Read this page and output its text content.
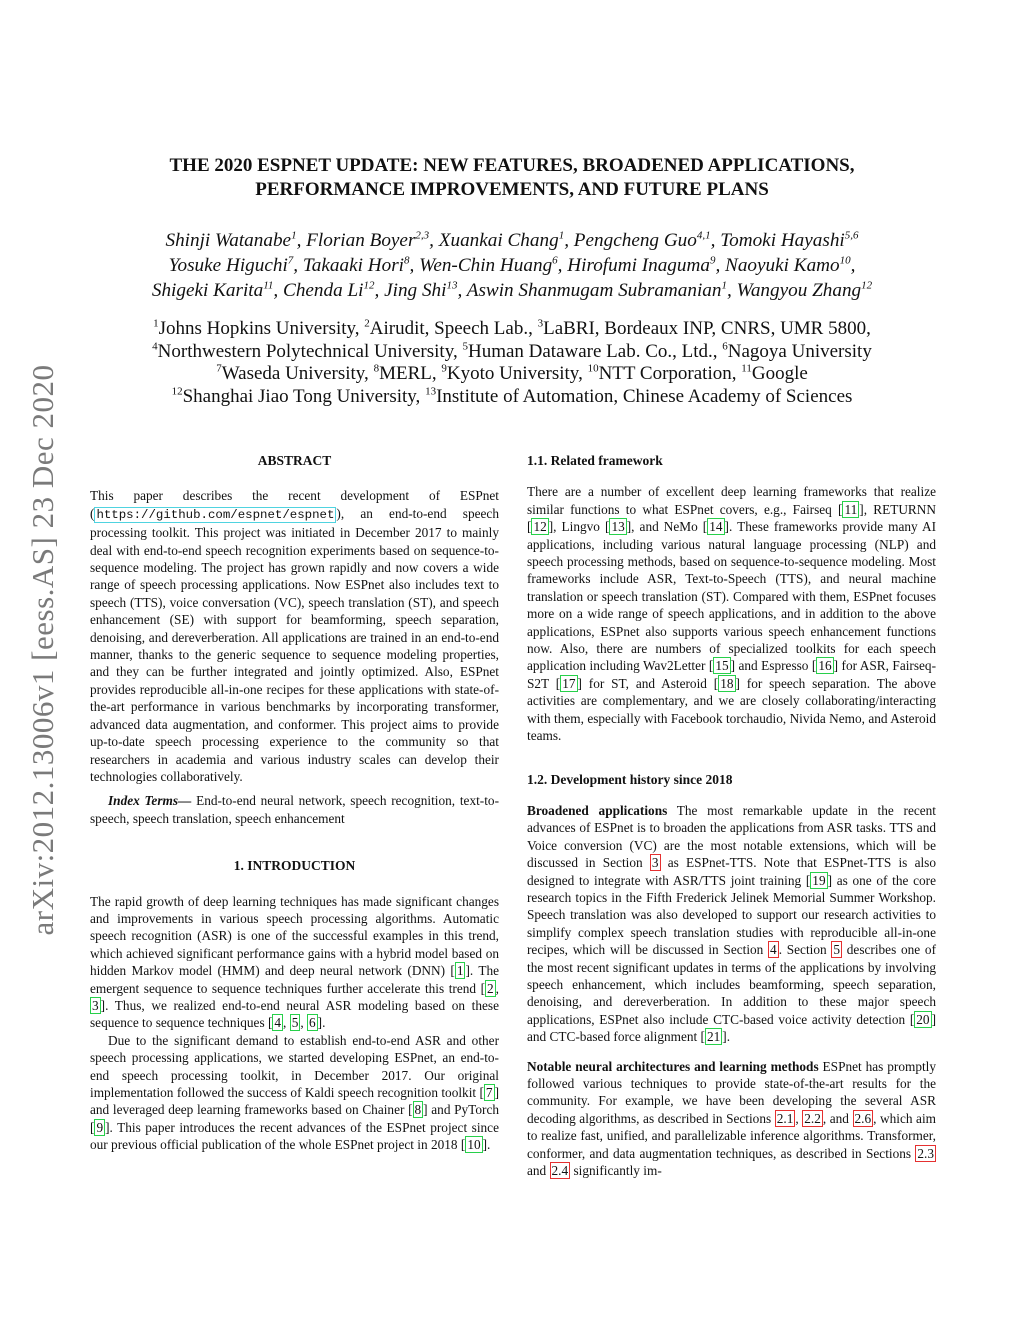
arXiv:2012.13006v1 [eess.AS] 23 Dec 2020
THE 2020 ESPNET UPDATE: NEW FEATURES, BROADENED APPLICATIONS,
PERFORMANCE IMPROVEMENTS, AND FUTURE PLANS
Shinji Watanabe$^1$, Florian Boyer$^{2,3}$, Xuankai Chang$^1$, Pengcheng Guo$^{4,1}$, Tomoki Hayashi$^{5,6}$
Yosuke Higuchi$^7$, Takaaki Hori$^8$, Wen-Chin Huang$^6$, Hirofumi Inaguma$^9$, Naoyuki Kamo$^{10}$,
Shigeki Karita$^{11}$, Chenda Li$^{12}$, Jing Shi$^{13}$, Aswin Shanmugam Subramanian$^1$, Wangyou Zhang$^{12}$
$^1$Johns Hopkins University, $^2$Airudit, Speech Lab., $^3$LaBRI, Bordeaux INP, CNRS, UMR 5800,
$^4$Northwestern Polytechnical University, $^5$Human Dataware Lab. Co., Ltd., $^6$Nagoya University
$^7$Waseda University, $^8$MERL, $^9$Kyoto University, $^{10}$NTT Corporation, $^{11}$Google
$^{12}$Shanghai Jiao Tong University, $^{13}$Institute of Automation, Chinese Academy of Sciences
ABSTRACT

This paper describes the recent development of ESPnet ( https://github.com/espnet/espnet ), an end-to-end speech processing toolkit. This project was initiated in December 2017 to mainly deal with end-to-end speech recognition experiments based on sequence-to-sequence modeling. The project has grown rapidly and now covers a wide range of speech processing applications. Now ESPnet also includes text to speech (TTS), voice conversation (VC), speech translation (ST), and speech enhancement (SE) with support for beamforming, speech separation, denoising, and dereverberation. All applications are trained in an end-to-end manner, thanks to the generic sequence to sequence modeling properties, and they can be further integrated and jointly optimized. Also, ESPnet provides reproducible all-in-one recipes for these applications with state-of-the-art performance in various benchmarks by incorporating transformer, advanced data augmentation, and conformer. This project aims to provide up-to-date speech processing experience to the community so that researchers in academia and various industry scales can develop their technologies collaboratively.

Index Terms— End-to-end neural network, speech recognition, text-to-speech, speech translation, speech enhancement

1. INTRODUCTION

The rapid growth of deep learning techniques has made significant changes and improvements in various speech processing algorithms. Automatic speech recognition (ASR) is one of the successful examples in this trend, which achieved significant performance gains with a hybrid model based on hidden Markov model (HMM) and deep neural network (DNN) [ 1 ]. The emergent sequence to sequence techniques further accelerate this trend [ 2 , 3 ]. Thus, we realized end-to-end neural ASR modeling based on these sequence to sequence techniques [ 4 , 5 , 6 ].

Due to the significant demand to establish end-to-end ASR and other speech processing applications, we started developing ESPnet, an end-to-end speech processing toolkit, in December 2017. Our original implementation followed the success of Kaldi speech recognition toolkit [ 7 ] and leveraged deep learning frameworks based on Chainer [ 8 ] and PyTorch [ 9 ]. This paper introduces the recent advances of the ESPnet project since our previous official publication of the whole ESPnet project in 2018 [ 10 ].

1.1. Related framework

There are a number of excellent deep learning frameworks that realize similar functions to what ESPnet covers, e.g., Fairseq [ 11 ], RETURNN [ 12 ], Lingvo [ 13 ], and NeMo [ 14 ]. These frameworks provide many AI applications, including various natural language processing (NLP) and speech processing methods, based on sequence-to-sequence modeling. Most frameworks include ASR, Text-to-Speech (TTS), and neural machine translation or speech translation (ST). Compared with them, ESPnet focuses more on a wide range of speech applications, and in addition to the above applications, ESPnet also supports various speech enhancement functions now. Also, there are numbers of specialized toolkits for each speech application including Wav2Letter [ 15 ] and Espresso [ 16 ] for ASR, Fairseq-S2T [ 17 ] for ST, and Asteroid [ 18 ] for speech separation. The above activities are complementary, and we are closely collaborating/interacting with them, especially with Facebook torchaudio, Nivida Nemo, and Asteroid teams.

1.2. Development history since 2018

Broadened applications The most remarkable update in the recent advances of ESPnet is to broaden the applications from ASR tasks. TTS and Voice conversion (VC) are the most notable extensions, which will be discussed in Section 3 as ESPnet-TTS. Note that ESPnet-TTS is also designed to integrate with ASR/TTS joint training [ 19 ] as one of the core research topics in the Fifth Frederick Jelinek Memorial Summer Workshop. Speech translation was also developed to support our research activities to simplify complex speech translation studies with reproducible all-in-one recipes, which will be discussed in Section 4 . Section 5 describes one of the most recent significant updates in terms of the applications by involving speech enhancement, which includes beamforming, speech separation, denoising, and dereverberation. In addition to these major speech applications, ESPnet also include CTC-based voice activity detection [ 20 ] and CTC-based force alignment [ 21 ].

Notable neural architectures and learning methods ESPnet has promptly followed various techniques to provide state-of-the-art results for the community. For example, we have been developing the several ASR decoding algorithms, as described in Sections 2.1 , 2.2 , and 2.6 , which aim to realize fast, unified, and parallelizable inference algorithms. Transformer, conformer, and data augmentation techniques, as described in Sections 2.3 and 2.4 significantly im-
